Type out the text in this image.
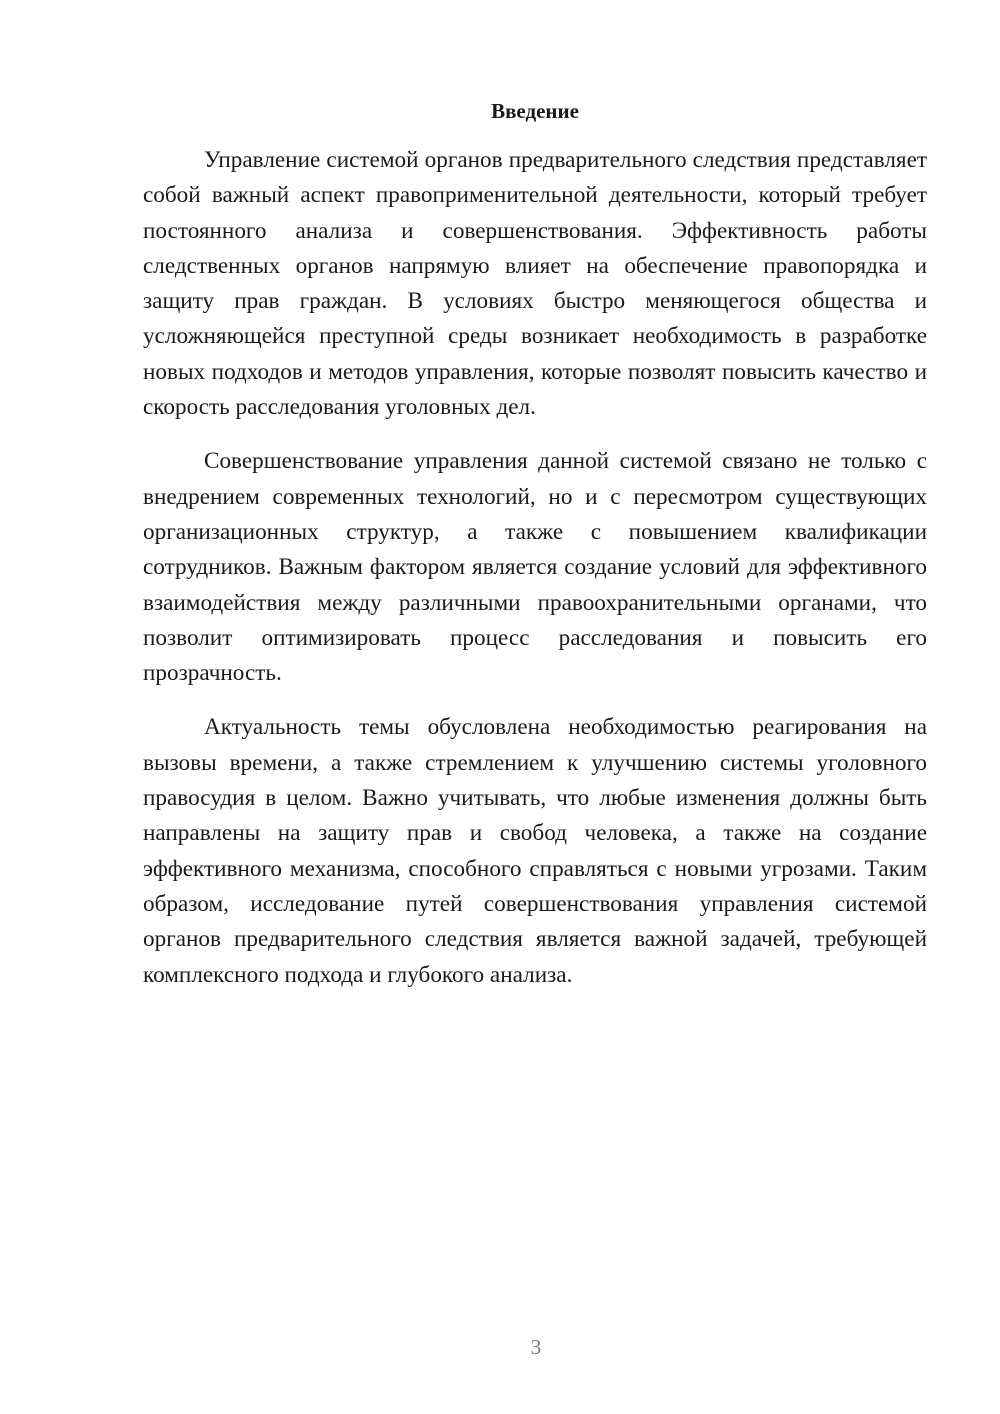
Введение

Управление системой органов предварительного следствия представляет собой важный аспект правоприменительной деятельности, который требует постоянного анализа и совершенствования. Эффективность работы следственных органов напрямую влияет на обеспечение правопорядка и защиту прав граждан. В условиях быстро меняющегося общества и усложняющейся преступной среды возникает необходимость в разработке новых подходов и методов управления, которые позволят повысить качество и скорость расследования уголовных дел.

Совершенствование управления данной системой связано не только с внедрением современных технологий, но и с пересмотром существующих организационных структур, а также с повышением квалификации сотрудников. Важным фактором является создание условий для эффективного взаимодействия между различными правоохранительными органами, что позволит оптимизировать процесс расследования и повысить его прозрачность.

Актуальность темы обусловлена необходимостью реагирования на вызовы времени, а также стремлением к улучшению системы уголовного правосудия в целом. Важно учитывать, что любые изменения должны быть направлены на защиту прав и свобод человека, а также на создание эффективного механизма, способного справляться с новыми угрозами. Таким образом, исследование путей совершенствования управления системой органов предварительного следствия является важной задачей, требующей комплексного подхода и глубокого анализа.

3
